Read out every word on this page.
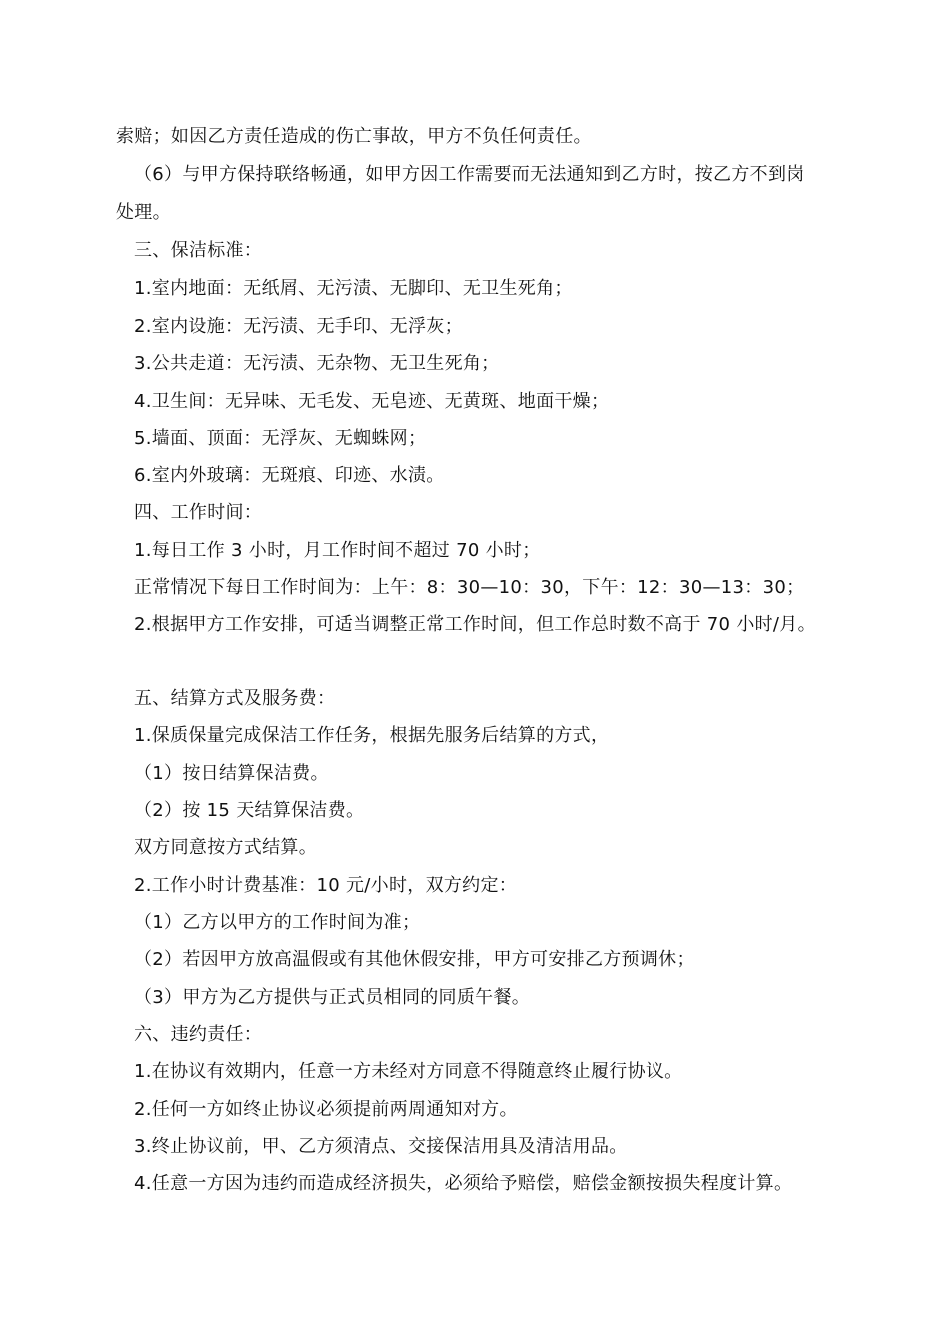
索赔；如因乙方责任造成的伤亡事故，甲方不负任何责任。
（6）与甲方保持联络畅通，如甲方因工作需要而无法通知到乙方时，按乙方不到岗
处理。
三、保洁标准：
1.室内地面：无纸屑、无污渍、无脚印、无卫生死角；
2.室内设施：无污渍、无手印、无浮灰；
3.公共走道：无污渍、无杂物、无卫生死角；
4.卫生间：无异味、无毛发、无皂迹、无黄斑、地面干燥；
5.墙面、顶面：无浮灰、无蜘蛛网；
6.室内外玻璃：无斑痕、印迹、水渍。
四、工作时间：
1.每日工作 3 小时，月工作时间不超过 70 小时；
正常情况下每日工作时间为：上午：8：30—10：30，下午：12：30—13：30；
2.根据甲方工作安排，可适当调整正常工作时间，但工作总时数不高于 70 小时/月。
五、结算方式及服务费：
1.保质保量完成保洁工作任务，根据先服务后结算的方式，
（1）按日结算保洁费。
（2）按 15 天结算保洁费。
双方同意按方式结算。
2.工作小时计费基准：10 元/小时，双方约定：
（1）乙方以甲方的工作时间为准；
（2）若因甲方放高温假或有其他休假安排，甲方可安排乙方预调休；
（3）甲方为乙方提供与正式员相同的同质午餐。
六、违约责任：
1.在协议有效期内，任意一方未经对方同意不得随意终止履行协议。
2.任何一方如终止协议必须提前两周通知对方。
3.终止协议前，甲、乙方须清点、交接保洁用具及清洁用品。
4.任意一方因为违约而造成经济损失，必须给予赔偿，赔偿金额按损失程度计算。
